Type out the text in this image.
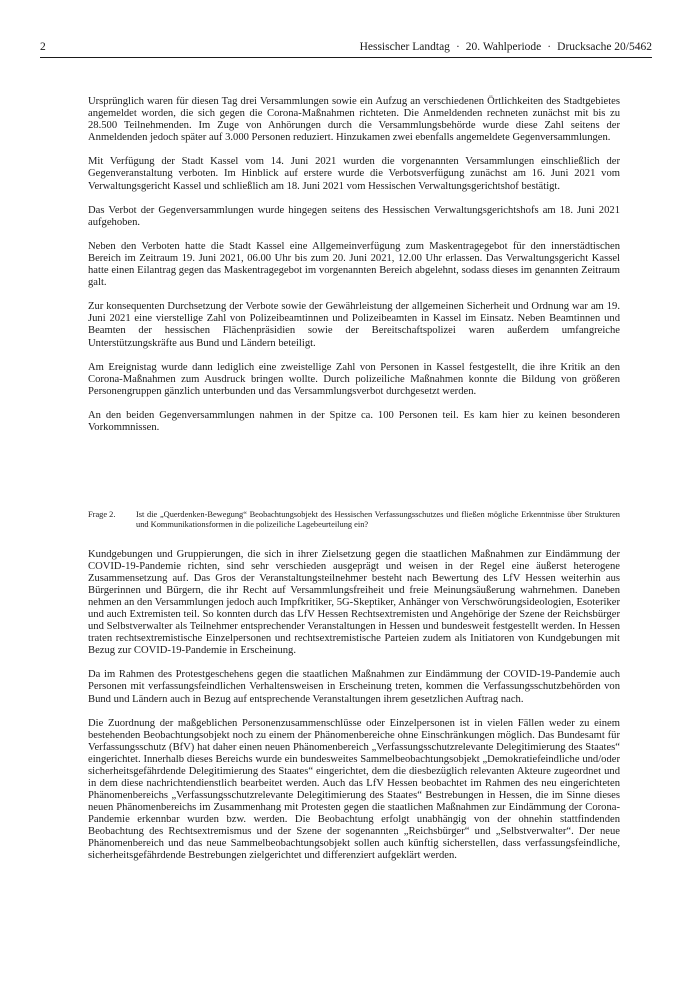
2	Hessischer Landtag · 20. Wahlperiode · Drucksache 20/5462

Ursprünglich waren für diesen Tag drei Versammlungen sowie ein Aufzug an verschiedenen Örtlichkeiten des Stadtgebietes angemeldet worden, die sich gegen die Corona-Maßnahmen richteten. Die Anmeldenden rechneten zunächst mit bis zu 28.500 Teilnehmenden. Im Zuge von Anhörungen durch die Versammlungsbehörde wurde diese Zahl seitens der Anmeldenden jedoch später auf 3.000 Personen reduziert. Hinzukamen zwei ebenfalls angemeldete Gegenversammlungen.

Mit Verfügung der Stadt Kassel vom 14. Juni 2021 wurden die vorgenannten Versammlungen einschließlich der Gegenveranstaltung verboten. Im Hinblick auf erstere wurde die Verbotsverfügung zunächst am 16. Juni 2021 vom Verwaltungsgericht Kassel und schließlich am 18. Juni 2021 vom Hessischen Verwaltungsgerichtshof bestätigt.

Das Verbot der Gegenversammlungen wurde hingegen seitens des Hessischen Verwaltungsgerichtshofs am 18. Juni 2021 aufgehoben.

Neben den Verboten hatte die Stadt Kassel eine Allgemeinverfügung zum Maskentragegebot für den innerstädtischen Bereich im Zeitraum 19. Juni 2021, 06.00 Uhr bis zum 20. Juni 2021, 12.00 Uhr erlassen. Das Verwaltungsgericht Kassel hatte einen Eilantrag gegen das Maskentragegebot im vorgenannten Bereich abgelehnt, sodass dieses im genannten Zeitraum galt.

Zur konsequenten Durchsetzung der Verbote sowie der Gewährleistung der allgemeinen Sicherheit und Ordnung war am 19. Juni 2021 eine vierstellige Zahl von Polizeibeamtinnen und Polizeibeamten in Kassel im Einsatz. Neben Beamtinnen und Beamten der hessischen Flächenpräsidien sowie der Bereitschaftspolizei waren außerdem umfangreiche Unterstützungskräfte aus Bund und Ländern beteiligt.

Am Ereignistag wurde dann lediglich eine zweistellige Zahl von Personen in Kassel festgestellt, die ihre Kritik an den Corona-Maßnahmen zum Ausdruck bringen wollte. Durch polizeiliche Maßnahmen konnte die Bildung von größeren Personengruppen gänzlich unterbunden und das Versammlungsverbot durchgesetzt werden.

An den beiden Gegenversammlungen nahmen in der Spitze ca. 100 Personen teil. Es kam hier zu keinen besonderen Vorkommnissen.

Frage 2. Ist die „Querdenken-Bewegung“ Beobachtungsobjekt des Hessischen Verfassungsschutzes und fließen mögliche Erkenntnisse über Strukturen und Kommunikationsformen in die polizeiliche Lagebeurteilung ein?

Kundgebungen und Gruppierungen, die sich in ihrer Zielsetzung gegen die staatlichen Maßnahmen zur Eindämmung der COVID-19-Pandemie richten, sind sehr verschieden ausgeprägt und weisen in der Regel eine äußerst heterogene Zusammensetzung auf. Das Gros der Veranstaltungsteilnehmer besteht nach Bewertung des LfV Hessen weiterhin aus Bürgerinnen und Bürgern, die ihr Recht auf Versammlungsfreiheit und freie Meinungsäußerung wahrnehmen. Daneben nehmen an den Versammlungen jedoch auch Impfkritiker, 5G-Skeptiker, Anhänger von Verschwörungsideologien, Esoteriker und auch Extremisten teil. So konnten durch das LfV Hessen Rechtsextremisten und Angehörige der Szene der Reichsbürger und Selbstverwalter als Teilnehmer entsprechender Veranstaltungen in Hessen und bundesweit festgestellt werden. In Hessen traten rechtsextremistische Einzelpersonen und rechtsextremistische Parteien zudem als Initiatoren von Kundgebungen mit Bezug zur COVID-19-Pandemie in Erscheinung.

Da im Rahmen des Protestgeschehens gegen die staatlichen Maßnahmen zur Eindämmung der COVID-19-Pandemie auch Personen mit verfassungsfeindlichen Verhaltensweisen in Erscheinung treten, kommen die Verfassungsschutzbehörden von Bund und Ländern auch in Bezug auf entsprechende Veranstaltungen ihrem gesetzlichen Auftrag nach.

Die Zuordnung der maßgeblichen Personenzusammenschlüsse oder Einzelpersonen ist in vielen Fällen weder zu einem bestehenden Beobachtungsobjekt noch zu einem der Phänomenbereiche ohne Einschränkungen möglich. Das Bundesamt für Verfassungsschutz (BfV) hat daher einen neuen Phänomenbereich „Verfassungsschutzrelevante Delegitimierung des Staates“ eingerichtet. Innerhalb dieses Bereichs wurde ein bundesweites Sammelbeobachtungsobjekt „Demokratiefeindliche und/oder sicherheitsgefährdende Delegitimierung des Staates“ eingerichtet, dem die diesbezüglich relevanten Akteure zugeordnet und in dem diese nachrichtendienstlich bearbeitet werden. Auch das LfV Hessen beobachtet im Rahmen des neu eingerichteten Phänomenbereichs „Verfassungsschutzrelevante Delegitimierung des Staates“ Bestrebungen in Hessen, die im Sinne dieses neuen Phänomenbereichs im Zusammenhang mit Protesten gegen die staatlichen Maßnahmen zur Eindämmung der Corona-Pandemie erkennbar wurden bzw. werden. Die Beobachtung erfolgt unabhängig von der ohnehin stattfindenden Beobachtung des Rechtsextremismus und der Szene der sogenannten „Reichsbürger“ und „Selbstverwalter“. Der neue Phänomenbereich und das neue Sammelbeobachtungsobjekt sollen auch künftig sicherstellen, dass verfassungsfeindliche, sicherheitsgefährdende Bestrebungen zielgerichtet und differenziert aufgeklärt werden.
